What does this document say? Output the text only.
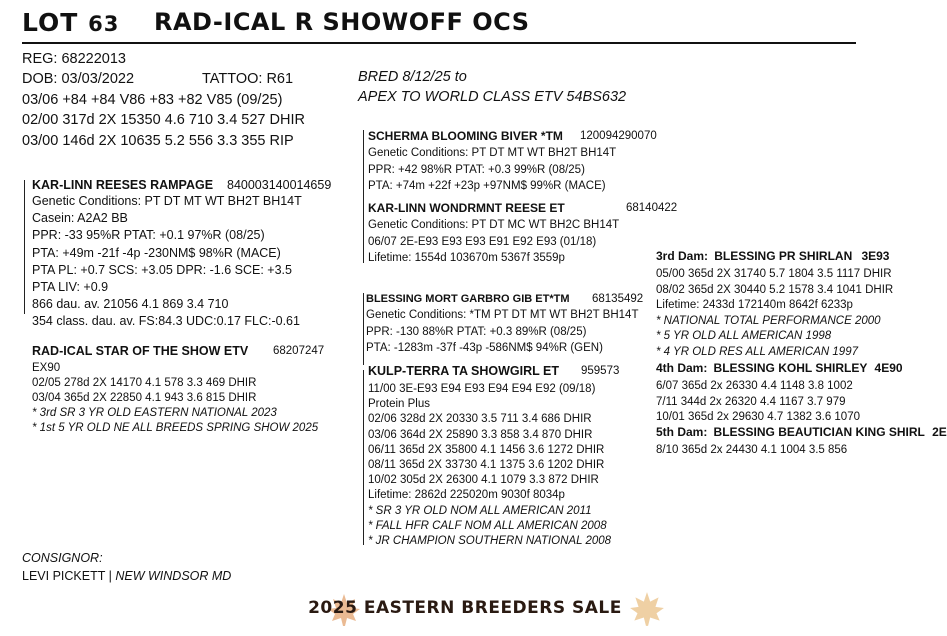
LOT 63 RAD-ICAL R SHOWOFF OCS
REG: 68222013
DOB: 03/03/2022	TATTOO: R61
03/06 +84 +84 V86 +83 +82 V85 (09/25)
02/00 317d 2X 15350 4.6 710 3.4 527 DHIR
03/00 146d 2X 10635 5.2 556 3.3 355 RIP
BRED 8/12/25 to
APEX TO WORLD CLASS ETV 54BS632
KAR-LINN REESES RAMPAGE 840003140014659
Genetic Conditions: PT DT MT WT BH2T BH14T
Casein: A2A2 BB
PPR: -33 95%R PTAT: +0.1 97%R (08/25)
PTA: +49m -21f -4p -230NM$ 98%R (MACE)
PTA PL: +0.7 SCS: +3.05 DPR: -1.6 SCE: +3.5
PTA LIV: +0.9
866 dau. av. 21056 4.1 869 3.4 710
354 class. dau. av. FS:84.3 UDC:0.17 FLC:-0.61
RAD-ICAL STAR OF THE SHOW ETV 68207247
EX90
02/05 278d 2X 14170 4.1 578 3.3 469 DHIR
03/04 365d 2X 22850 4.1 943 3.6 815 DHIR
* 3rd SR 3 YR OLD EASTERN NATIONAL 2023
* 1st 5 YR OLD NE ALL BREEDS SPRING SHOW 2025
SCHERMA BLOOMING BIVER *TM 120094290070
Genetic Conditions: PT DT MT WT BH2T BH14T
PPR: +42 98%R PTAT: +0.3 99%R (08/25)
PTA: +74m +22f +23p +97NM$ 99%R (MACE)
KAR-LINN WONDRMNT REESE ET	68140422
Genetic Conditions: PT DT MC WT BH2C BH14T
06/07 2E-E93 E93 E93 E91 E92 E93 (01/18)
Lifetime: 1554d 103670m 5367f 3559p
BLESSING MORT GARBRO GIB ET*TM 68135492
Genetic Conditions: *TM PT DT MT WT BH2T BH14T
PPR: -130 88%R PTAT: +0.3 89%R (08/25)
PTA: -1283m -37f -43p -586NM$ 94%R (GEN)
KULP-TERRA TA SHOWGIRL ET 959573
11/00 3E-E93 E94 E93 E94 E94 E92 (09/18)
Protein Plus
02/06 328d 2X 20330 3.5 711 3.4 686 DHIR
03/06 364d 2X 25890 3.3 858 3.4 870 DHIR
06/11 365d 2X 35800 4.1 1456 3.6 1272 DHIR
08/11 365d 2X 33730 4.1 1375 3.6 1202 DHIR
10/02 305d 2X 26300 4.1 1079 3.3 872 DHIR
Lifetime: 2862d 225020m 9030f 8034p
* SR 3 YR OLD NOM ALL AMERICAN 2011
* FALL HFR CALF NOM ALL AMERICAN 2008
* JR CHAMPION SOUTHERN NATIONAL 2008
3rd Dam: BLESSING PR SHIRLAN 3E93
05/00 365d 2X 31740 5.7 1804 3.5 1117 DHIR
08/02 365d 2X 30440 5.2 1578 3.4 1041 DHIR
Lifetime: 2433d 172140m 8642f 6233p
* NATIONAL TOTAL PERFORMANCE 2000
* 5 YR OLD ALL AMERICAN 1998
* 4 YR OLD RES ALL AMERICAN 1997
4th Dam: BLESSING KOHL SHIRLEY 4E90
6/07 365d 2x 26330 4.4 1148 3.8 1002
7/11 344d 2x 26320 4.4 1167 3.7 979
10/01 365d 2x 29630 4.7 1382 3.6 1070
5th Dam: BLESSING BEAUTICIAN KING SHIRL 2E
8/10 365d 2x 24430 4.1 1004 3.5 856
CONSIGNOR:
LEVI PICKETT | NEW WINDSOR MD
2025 EASTERN BREEDERS SALE
